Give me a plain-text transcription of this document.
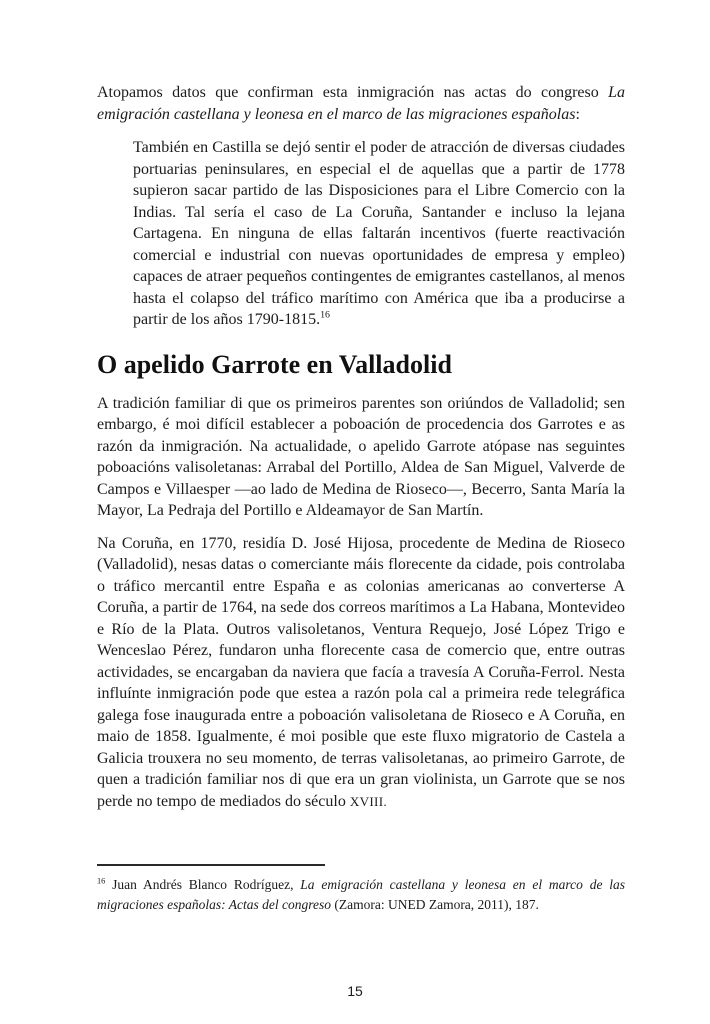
Atopamos datos que confirman esta inmigración nas actas do congreso La emigración castellana y leonesa en el marco de las migraciones españolas:

También en Castilla se dejó sentir el poder de atracción de diversas ciudades portuarias peninsulares, en especial el de aquellas que a partir de 1778 supieron sacar partido de las Disposiciones para el Libre Comercio con la Indias. Tal sería el caso de La Coruña, Santander e incluso la lejana Cartagena. En ninguna de ellas faltarán incentivos (fuerte reactivación comercial e industrial con nuevas oportunidades de empresa y empleo) capaces de atraer pequeños contingentes de emigrantes castellanos, al menos hasta el colapso del tráfico marítimo con América que iba a producirse a partir de los años 1790-1815.16
O apelido Garrote en Valladolid

A tradición familiar di que os primeiros parentes son oriúndos de Valladolid; sen embargo, é moi difícil establecer a poboación de procedencia dos Garrotes e as razón da inmigración. Na actualidade, o apelido Garrote atópase nas seguintes poboacións valisoletanas: Arrabal del Portillo, Aldea de San Miguel, Valverde de Campos e Villaesper —ao lado de Medina de Rioseco—, Becerro, Santa María la Mayor, La Pedraja del Portillo e Aldeamayor de San Martín.

Na Coruña, en 1770, residía D. José Hijosa, procedente de Medina de Rioseco (Valladolid), nesas datas o comerciante máis florecente da cidade, pois controlaba o tráfico mercantil entre España e as colonias americanas ao converterse A Coruña, a partir de 1764, na sede dos correos marítimos a La Habana, Montevideo e Río de la Plata. Outros valisoletanos, Ventura Requejo, José López Trigo e Wenceslao Pérez, fundaron unha florecente casa de comercio que, entre outras actividades, se encargaban da naviera que facía a travesía A Coruña-Ferrol. Nesta influínte inmigración pode que estea a razón pola cal a primeira rede telegráfica galega fose inaugurada entre a poboación valisoletana de Rioseco e A Coruña, en maio de 1858. Igualmente, é moi posible que este fluxo migratorio de Castela a Galicia trouxera no seu momento, de terras valisoletanas, ao primeiro Garrote, de quen a tradición familiar nos di que era un gran violinista, un Garrote que se nos perde no tempo de mediados do século XVIII.

$^{16}$ Juan Andrés Blanco Rodríguez, La emigración castellana y leonesa en el marco de las migraciones españolas: Actas del congreso (Zamora: UNED Zamora, 2011), 187.
15
